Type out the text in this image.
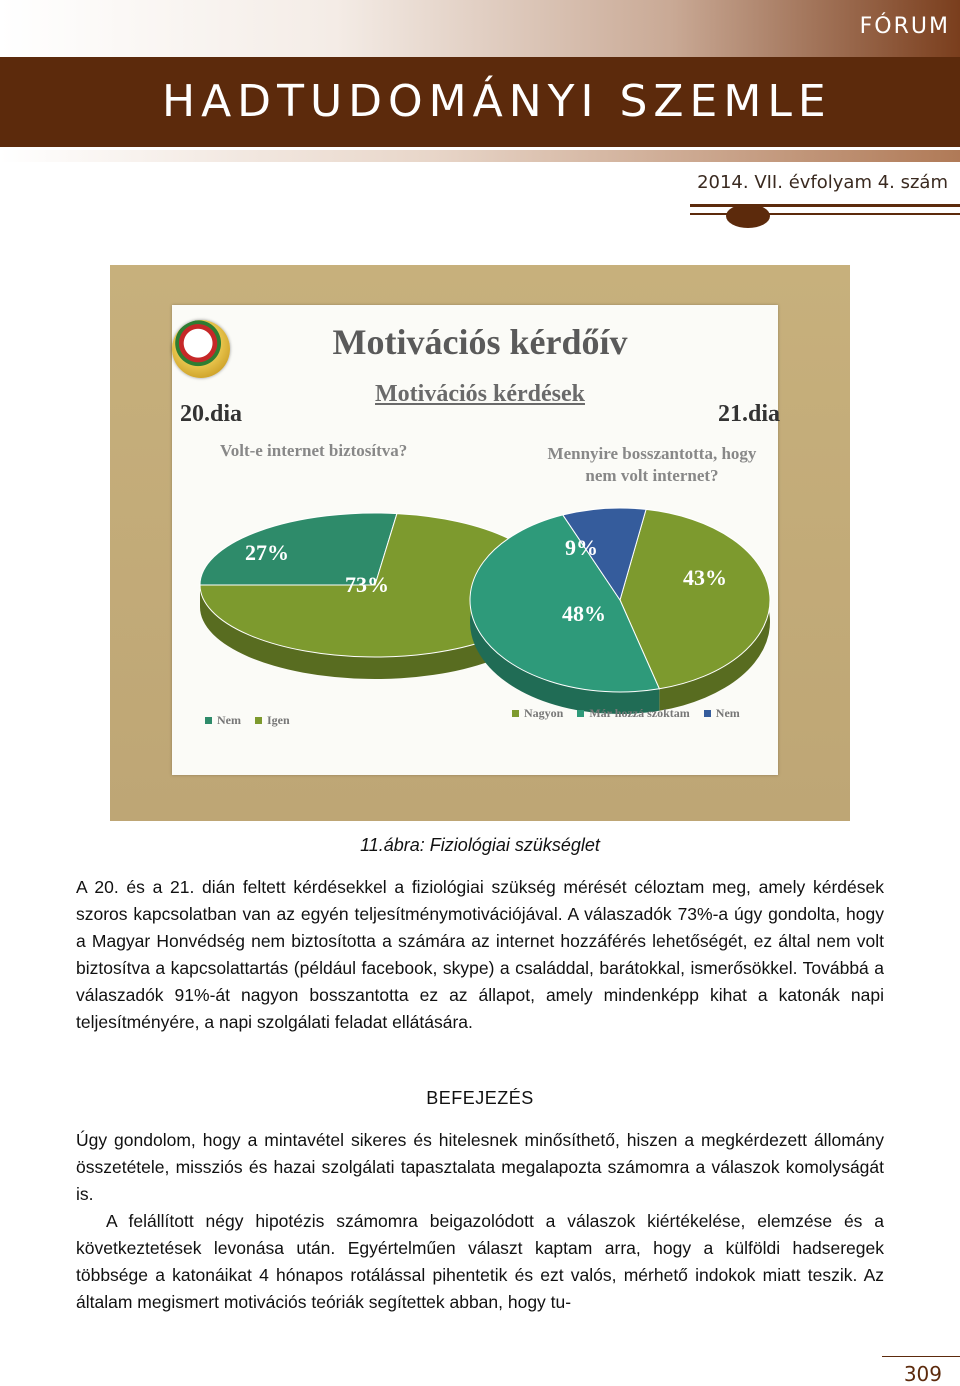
FÓRUM
HADTUDOMÁNYI SZEMLE
2014. VII. évfolyam 4. szám
Motivációs kérdőív
Motivációs kérdések
20.dia	21.dia
Volt-e internet biztosítva?	Mennyire bosszantotta, hogy
nem volt internet?
27%
73%	43%
48%
9%
Nem Igen	Nagyon Már hozzá szoktam Nem
11.ábra: Fiziológiai szükséglet

A 20. és a 21. dián feltett kérdésekkel a fiziológiai szükség mérését céloztam meg, amely kérdések szoros kapcsolatban van az egyén teljesítménymotivációjával. A válaszadók 73%-a úgy gondolta, hogy a Magyar Honvédség nem biztosította a számára az internet hozzáférés lehetőségét, ez által nem volt biztosítva a kapcsolattartás (például facebook, skype) a családdal, barátokkal, ismerősökkel. Továbbá a válaszadók 91%-át nagyon bosszantotta ez az állapot, amely mindenképp kihat a katonák napi teljesítményére, a napi szolgálati feladat ellátására.

BEFEJEZÉS

Úgy gondolom, hogy a mintavétel sikeres és hitelesnek minősíthető, hiszen a megkérdezett állomány összetétele, missziós és hazai szolgálati tapasztalata megalapozta számomra a válaszok komolyságát is.

A felállított négy hipotézis számomra beigazolódott a válaszok kiértékelése, elemzése és a következtetések levonása után. Egyértelműen választ kaptam arra, hogy a külföldi hadseregek többsége a katonáikat 4 hónapos rotálással pihentetik és ezt valós, mérhető indokok miatt teszik. Az általam megismert motivációs teóriák segítettek abban, hogy tu-

309
